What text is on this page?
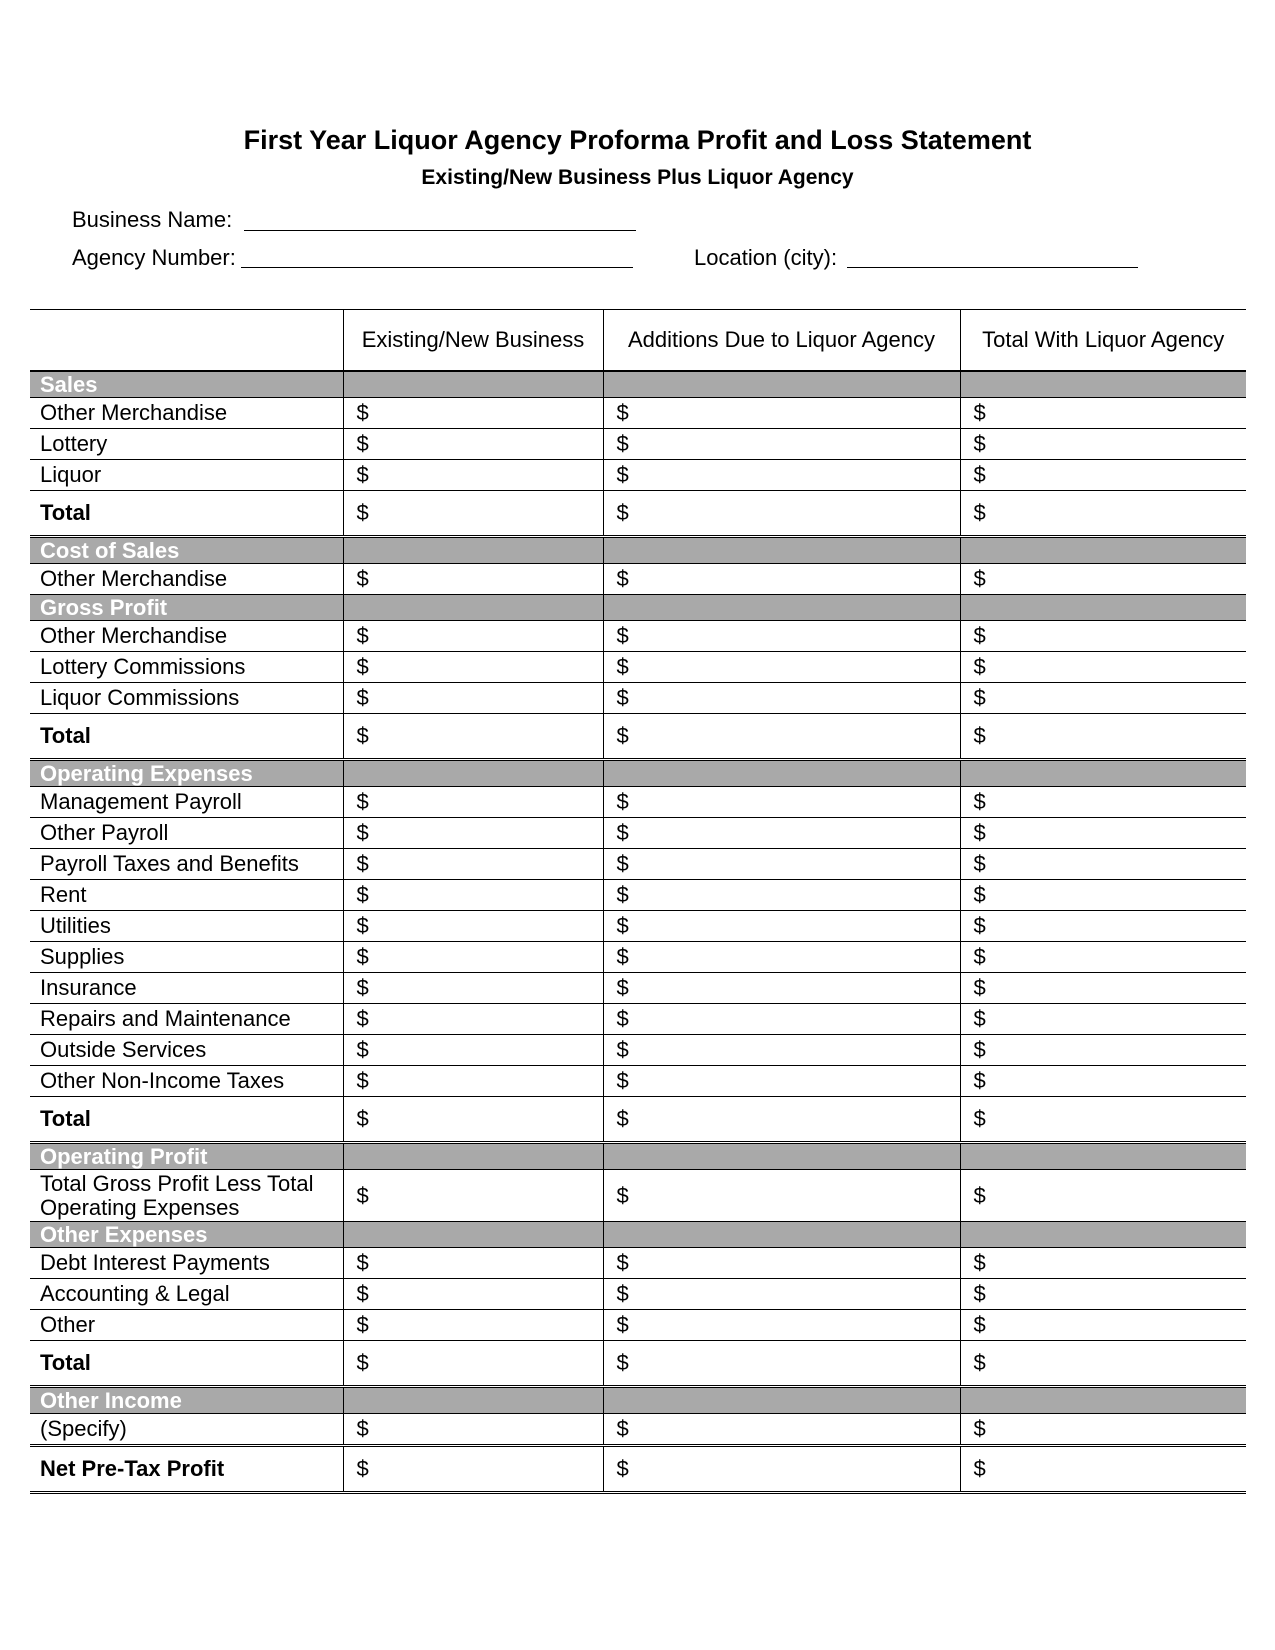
First Year Liquor Agency Proforma Profit and Loss Statement
Existing/New Business Plus Liquor Agency
Business Name:
Agency Number:	Location (city):
	Existing/New Business	Additions Due to Liquor Agency	Total With Liquor Agency
Sales			
Other Merchandise	$	$	$
Lottery	$	$	$
Liquor	$	$	$
Total	$	$	$
Cost of Sales			
Other Merchandise	$	$	$
Gross Profit			
Other Merchandise	$	$	$
Lottery Commissions	$	$	$
Liquor Commissions	$	$	$
Total	$	$	$
Operating Expenses			
Management Payroll	$	$	$
Other Payroll	$	$	$
Payroll Taxes and Benefits	$	$	$
Rent	$	$	$
Utilities	$	$	$
Supplies	$	$	$
Insurance	$	$	$
Repairs and Maintenance	$	$	$
Outside Services	$	$	$
Other Non-Income Taxes	$	$	$
Total	$	$	$
Operating Profit			
Total Gross Profit Less Total Operating Expenses	$	$	$
Other Expenses			
Debt Interest Payments	$	$	$
Accounting & Legal	$	$	$
Other	$	$	$
Total	$	$	$
Other Income			
(Specify)	$	$	$
Net Pre-Tax Profit	$	$	$
